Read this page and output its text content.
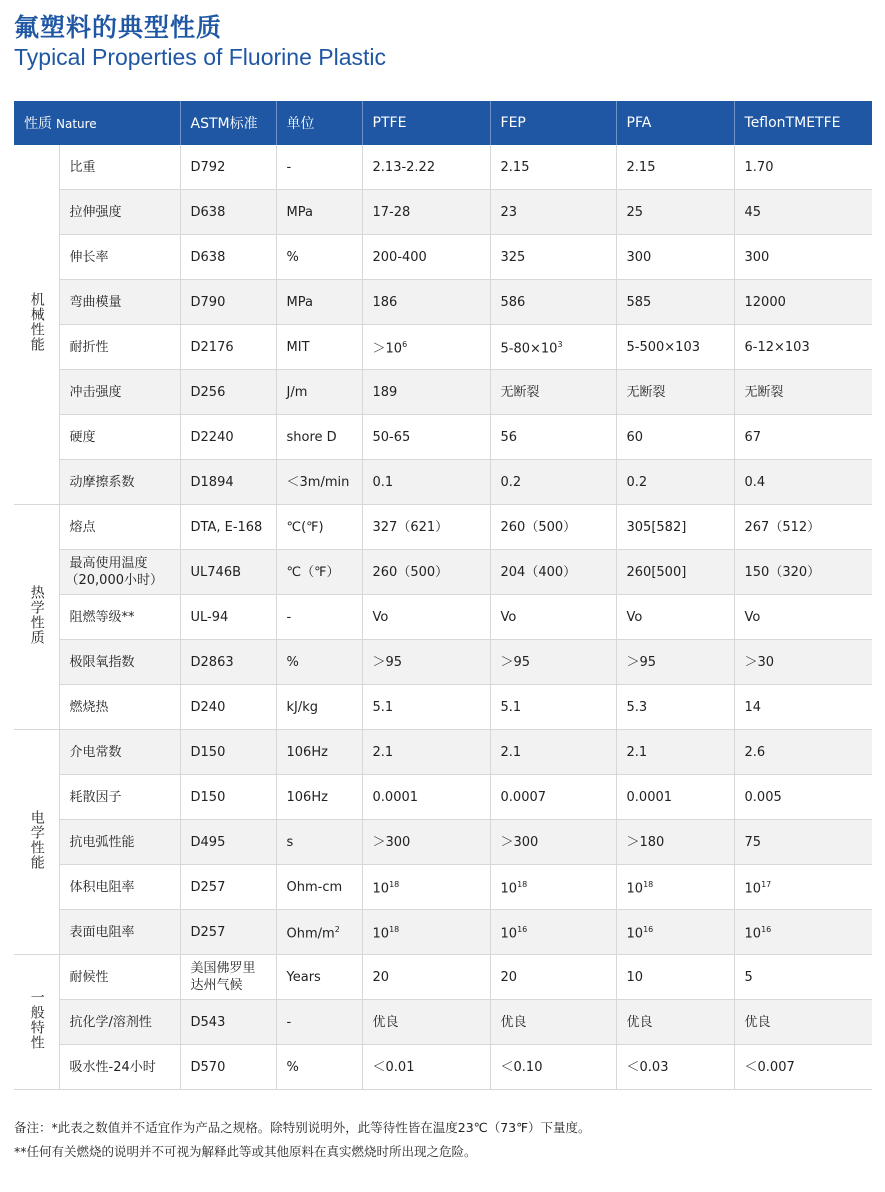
氟塑料的典型性质
Typical Properties of Fluorine Plastic
性质 Nature		ASTM标准	单位	PTFE	FEP	PFA	TeflonTMETFE
机械性能	比重	D792	-	2.13-2.22	2.15	2.15	1.70

	拉伸强度	D638	MPa	17-28	23	25	45

	伸长率	D638	%	200-400	325	300	300

	弯曲模量	D790	MPa	186	586	585	12000

	耐折性	D2176	MIT	$>10^6$	$5-80\times 10^3$	5-500×103	6-12×103

	冲击强度	D256	J/m	189	无断裂	无断裂	无断裂

	硬度	D2240	shore D	50-65	56	60	67

	动摩擦系数	D1894	＜3m/min	0.1	0.2	0.2	0.4
热学性质	熔点	DTA, E-168	℃(℉)	327（621）	260（500）	305[582]	267（512）

	最高使用温度
（20,000小时）	UL746B	℃（℉）	260（500）	204（400）	260[500]	150（320）

	阻燃等级**	UL-94	-	Vo	Vo	Vo	Vo

	极限氧指数	D2863	%	＞95	＞95	＞95	＞30

	燃烧热	D240	kJ/kg	5.1	5.1	5.3	14
电学性能	介电常数	D150	106Hz	2.1	2.1	2.1	2.6

	耗散因子	D150	106Hz	0.0001	0.0007	0.0001	0.005

	抗电弧性能	D495	s	＞300	＞300	＞180	75

	体积电阻率	D257	Ohm-cm	$10^{18}$	$10^{18}$	$10^{18}$	$10^{17}$

	表面电阻率	D257	Ohm/$m^2$	$10^{18}$	$10^{16}$	$10^{16}$	$10^{16}$
一般特性	耐候性	美国佛罗里
达州气候	Years	20	20	10	5

	抗化学/溶剂性	D543	-	优良	优良	优良	优良

	吸水性-24小时	D570	%	＜0.01	＜0.10	＜0.03	＜0.007
备注：*此表之数值并不适宜作为产品之规格。除特别说明外，此等待性皆在温度23℃（73℉）下量度。
**任何有关燃烧的说明并不可视为解释此等或其他原料在真实燃烧时所出现之危险。
